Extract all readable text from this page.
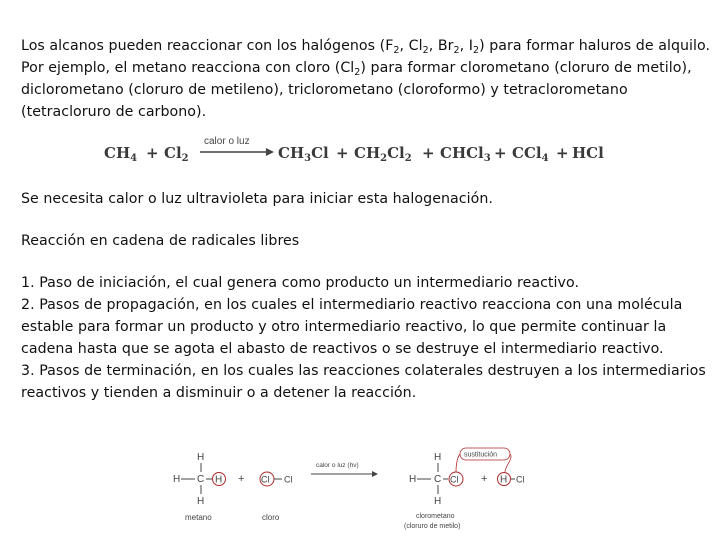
Los alcanos pueden reaccionar con los halógenos ($F_2$, $Cl_2$, $Br_2$, $I_2$) para formar haluros de alquilo. Por ejemplo, el metano reacciona con cloro $(Cl_2)$ para formar clorometano (cloruro de metilo), diclorometano (cloruro de metileno), triclorometano (cloroformo) y tetraclorometano (tetracloruro de carbono).
$CH_4 + Cl_2$
calor o luz
$CH_3Cl + CH_2Cl_2$ + CHCl$_3$ + CCl$_4$ + HCl
Se necesita calor o luz ultravioleta para iniciar esta halogenación.
Reacción en cadena de radicales libres
1. Paso de iniciación, el cual genera como producto un intermediario reactivo.
2. Pasos de propagación, en los cuales el intermediario reactivo reacciona con una molécula estable para formar un producto y otro intermediario reactivo, lo que permite continuar la cadena hasta que se agota el abasto de reactivos o se destruye el intermediario reactivo.
3. Pasos de terminación, en los cuales las reacciones colaterales destruyen a los intermediarios reactivos y tienden a disminuir o a detener la reacción.
H
H C H
H
metano
+ Cl Cl
cloro
calor o luz (hν)
H
H C Cl
H
clorometano
(cloruro de metilo)
+ H Cl
sustitución
